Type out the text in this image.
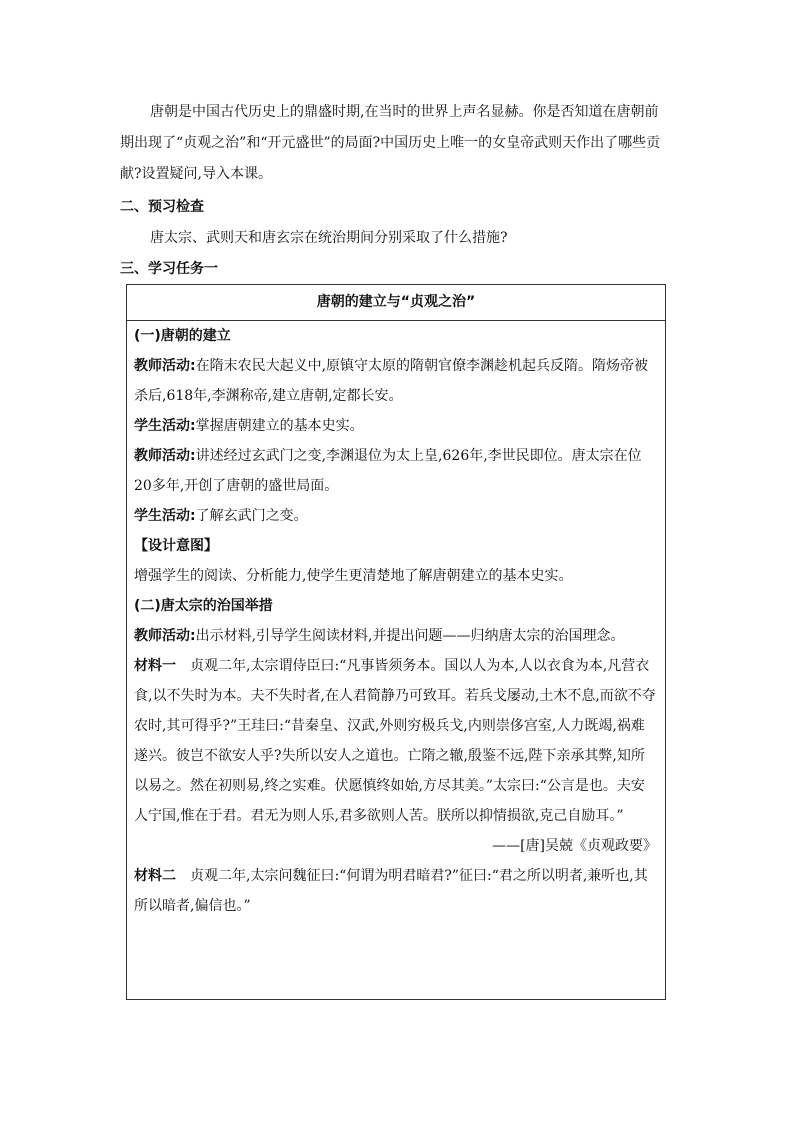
唐朝是中国古代历史上的鼎盛时期,在当时的世界上声名显赫。你是否知道在唐朝前期出现了“贞观之治”和“开元盛世”的局面?中国历史上唯一的女皇帝武则天作出了哪些贡献?设置疑问,导入本课。

二、预习检查

唐太宗、武则天和唐玄宗在统治期间分别采取了什么措施?

三、学习任务一

唐朝的建立与“贞观之治”

(一)唐朝的建立

教师活动:在隋末农民大起义中,原镇守太原的隋朝官僚李渊趁机起兵反隋。隋炀帝被杀后,618年,李渊称帝,建立唐朝,定都长安。

学生活动:掌握唐朝建立的基本史实。

教师活动:讲述经过玄武门之变,李渊退位为太上皇,626年,李世民即位。唐太宗在位20多年,开创了唐朝的盛世局面。

学生活动:了解玄武门之变。

【设计意图】

增强学生的阅读、分析能力,使学生更清楚地了解唐朝建立的基本史实。

(二)唐太宗的治国举措

教师活动:出示材料,引导学生阅读材料,并提出问题——归纳唐太宗的治国理念。

材料一　 贞观二年,太宗谓侍臣曰:“凡事皆须务本。国以人为本,人以衣食为本,凡营衣食,以不失时为本。夫不失时者,在人君简静乃可致耳。若兵戈屡动,土木不息,而欲不夺农时,其可得乎?”王珪曰:“昔秦皇、汉武,外则穷极兵戈,内则崇侈宫室,人力既竭,祸难遂兴。彼岂不欲安人乎?失所以安人之道也。亡隋之辙,殷鉴不远,陛下亲承其弊,知所以易之。然在初则易,终之实难。伏愿慎终如始,方尽其美。”太宗曰:“公言是也。夫安人宁国,惟在于君。君无为则人乐,君多欲则人苦。朕所以抑情损欲,克己自励耳。”

——[唐]吴兢《贞观政要》

材料二　 贞观二年,太宗问魏征曰:“何谓为明君暗君?”征曰:“君之所以明者,兼听也,其所以暗者,偏信也。”
